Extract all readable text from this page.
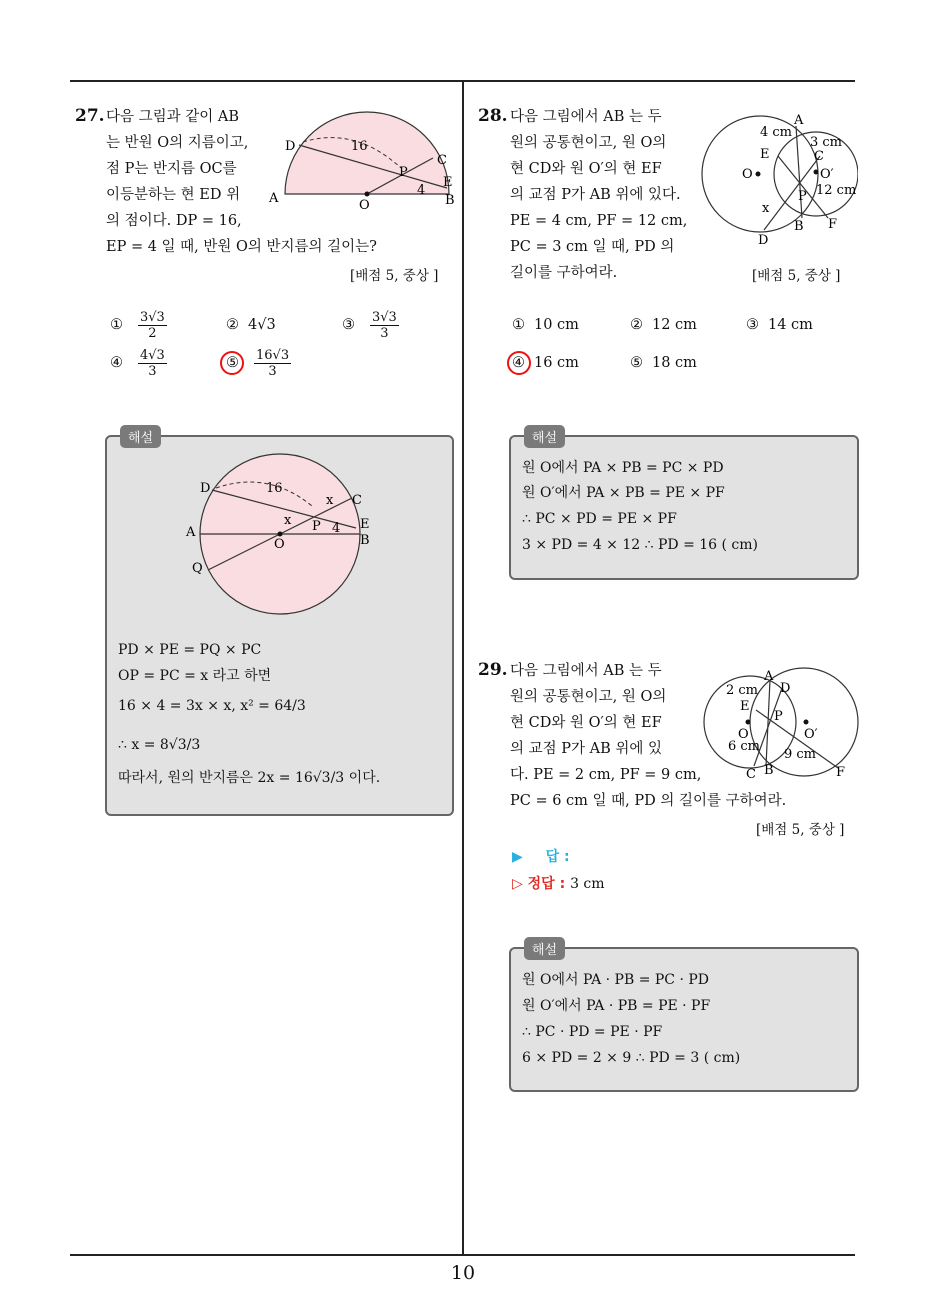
27. 다음 그림과 같이 AB
는 반원 O의 지름이고,
점 P는 반지름 OC를
이등분하는 현 ED 위
의 점이다. DP = 16,
EP = 4 일 때, 반원 O의 반지름의 길이는?
[배점 5, 중상 ]
D	16
P
C
4
E
A	O	B
①	$\frac{3√3}{2}$	② 4√3	③	$\frac{3√3}{3}$
④	$\frac{4√3}{3}$	⑤	$\frac{16√3}{3}$
해설
D	16
x C
x P 4 E
A
O	B
Q
PD × PE = PQ × PC
OP = PC = x 라고 하면
16 × 4 = 3x × x, x² = 64/3
∴ x = 8√3/3
따라서, 원의 반지름은 2x = 16√3/3 이다.
28. 다음 그림에서 AB 는 두
원의 공통현이고, 원 O의
현 CD와 원 O′의 현 EF
의 교점 P가 AB 위에 있다.
PE = 4 cm, PF = 12 cm,
PC = 3 cm 일 때, PD 의
길이를 구하여라.	[배점 5, 중상 ]
4 cm
A
3 cm
E	C
O	O′
12 cm
P
x
B F
D
① 10 cm	② 12 cm	③ 14 cm
④ 16 cm	⑤ 18 cm
해설
원 O에서 PA × PB = PC × PD
원 O′에서 PA × PB = PE × PF
∴ PC × PD = PE × PF
3 × PD = 4 × 12 ∴ PD = 16 ( cm)
29. 다음 그림에서 AB 는 두
원의 공통현이고, 원 O의
현 CD와 원 O′의 현 EF
의 교점 P가 AB 위에 있
다. PE = 2 cm, PF = 9 cm,
PC = 6 cm 일 때, PD 의 길이를 구하여라.
[배점 5, 중상 ]
A
2 cm D
E
P
O	O′
6 cm
9 cm
C B	F
▶ 답 :
▷ 정답 : 3 cm
해설
원 O에서 PA · PB = PC · PD
원 O′에서 PA · PB = PE · PF
∴ PC · PD = PE · PF
6 × PD = 2 × 9 ∴ PD = 3 ( cm)
10
